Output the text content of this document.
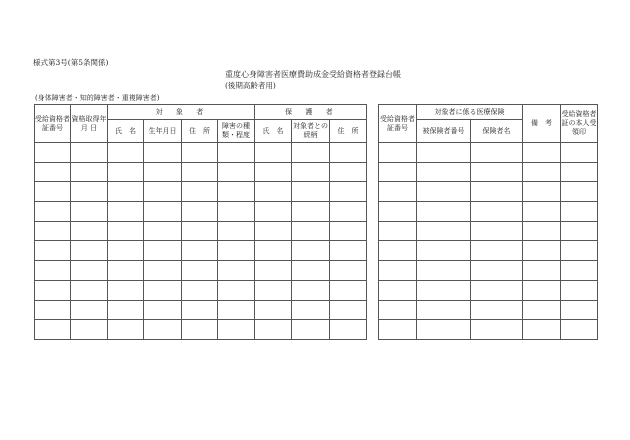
様式第3号(第5条関係)
重度心身障害者医療費助成金受給資格者登録台帳
(後期高齢者用)
(身体障害者・知的障害者・重複障害者)
受給資格者証番号	資格取得年 月 日	対　象　者				保　護　者		
		氏　名	生年月日	住　所	障害の種類・程度	氏　名	対象者との続柄	住　所

受給資格者証番号	対象者に係る医療保険		備　考	受給資格者証の本人受領印
	被保険者番号	保険者名		
